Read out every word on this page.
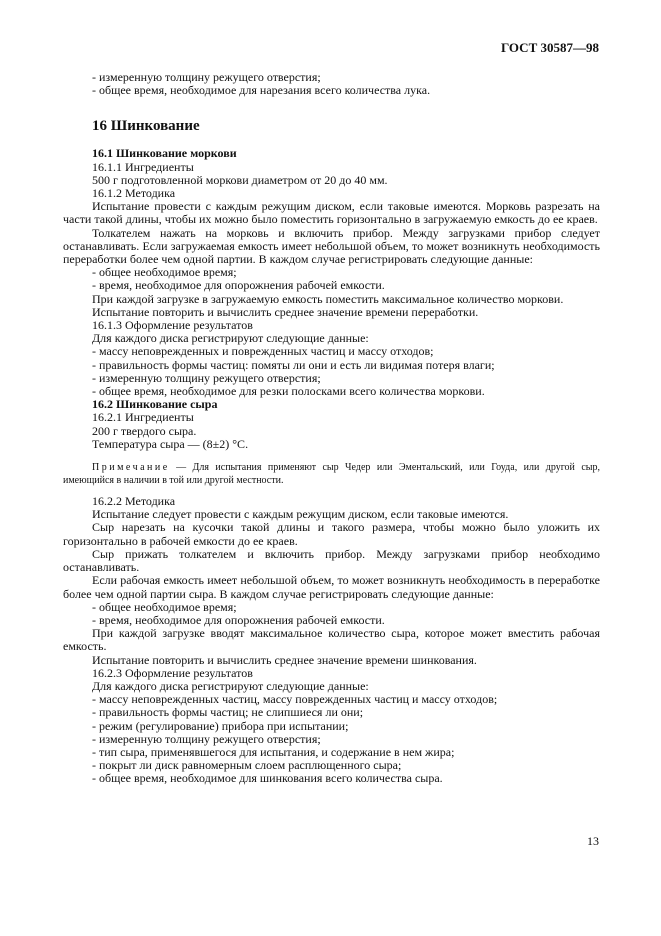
ГОСТ 30587—98
- измеренную толщину режущего отверстия;
- общее время, необходимое для нарезания всего количества лука.
16 Шинкование
16.1 Шинкование моркови
16.1.1 Ингредиенты
500 г подготовленной моркови диаметром от 20 до 40 мм.
16.1.2 Методика
Испытание провести с каждым режущим диском, если таковые имеются. Морковь разрезать на части такой длины, чтобы их можно было поместить горизонтально в загружаемую емкость до ее краев.
Толкателем нажать на морковь и включить прибор. Между загрузками прибор следует останавливать. Если загружаемая емкость имеет небольшой объем, то может возникнуть необходимость переработки более чем одной партии. В каждом случае регистрировать следующие данные:
- общее необходимое время;
- время, необходимое для опорожнения рабочей емкости.
При каждой загрузке в загружаемую емкость поместить максимальное количество моркови.
Испытание повторить и вычислить среднее значение времени переработки.
16.1.3 Оформление результатов
Для каждого диска регистрируют следующие данные:
- массу неповрежденных и поврежденных частиц и массу отходов;
- правильность формы частиц: помяты ли они и есть ли видимая потеря влаги;
- измеренную толщину режущего отверстия;
- общее время, необходимое для резки полосками всего количества моркови.
16.2 Шинкование сыра
16.2.1 Ингредиенты
200 г твердого сыра.
Температура сыра — (8±2) °С.
Примечание — Для испытания применяют сыр Чедер или Эментальский, или Гоуда, или другой сыр, имеющийся в наличии в той или другой местности.
16.2.2 Методика
Испытание следует провести с каждым режущим диском, если таковые имеются.
Сыр нарезать на кусочки такой длины и такого размера, чтобы можно было уложить их горизонтально в рабочей емкости до ее краев.
Сыр прижать толкателем и включить прибор. Между загрузками прибор необходимо останавливать.
Если рабочая емкость имеет небольшой объем, то может возникнуть необходимость в переработке более чем одной партии сыра. В каждом случае регистрировать следующие данные:
- общее необходимое время;
- время, необходимое для опорожнения рабочей емкости.
При каждой загрузке вводят максимальное количество сыра, которое может вместить рабочая емкость.
Испытание повторить и вычислить среднее значение времени шинкования.
16.2.3 Оформление результатов
Для каждого диска регистрируют следующие данные:
- массу неповрежденных частиц, массу поврежденных частиц и массу отходов;
- правильность формы частиц; не слипшиеся ли они;
- режим (регулирование) прибора при испытании;
- измеренную толщину режущего отверстия;
- тип сыра, применявшегося для испытания, и содержание в нем жира;
- покрыт ли диск равномерным слоем расплющенного сыра;
- общее время, необходимое для шинкования всего количества сыра.
13
